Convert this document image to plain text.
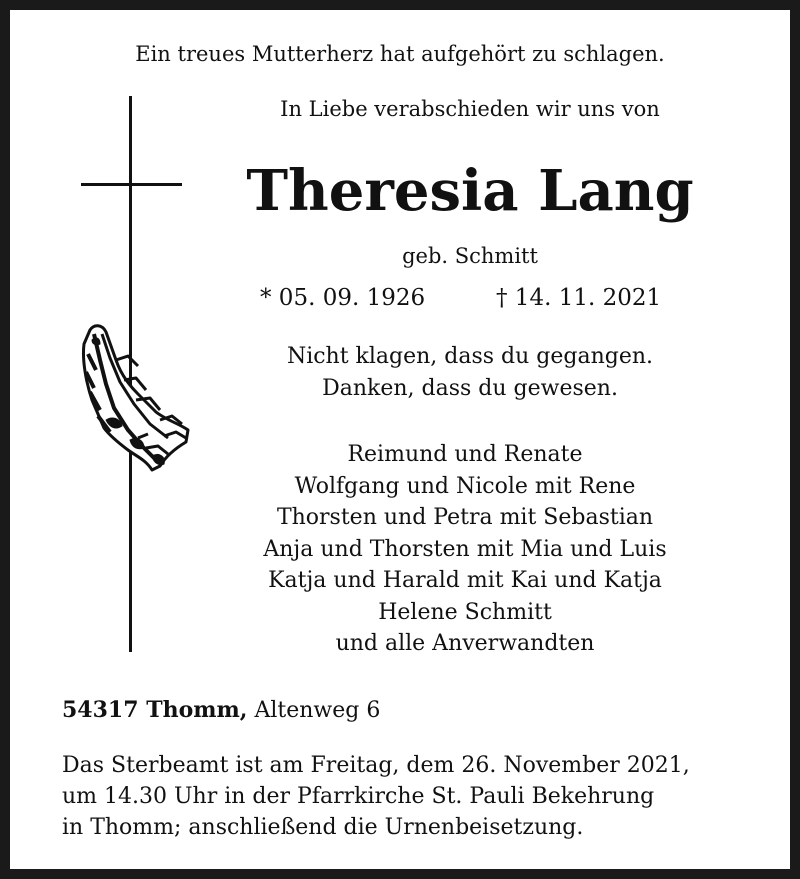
Ein treues Mutterherz hat aufgehört zu schlagen.
In Liebe verabschieden wir uns von
Theresia Lang
geb. Schmitt
* 05. 09. 1926	† 14. 11. 2021
Nicht klagen, dass du gegangen.
Danken, dass du gewesen.
Reimund und Renate
Wolfgang und Nicole mit Rene
Thorsten und Petra mit Sebastian
Anja und Thorsten mit Mia und Luis
Katja und Harald mit Kai und Katja
Helene Schmitt
und alle Anverwandten
54317 Thomm, Altenweg 6
Das Sterbeamt ist am Freitag, dem 26. November 2021,
um 14.30 Uhr in der Pfarrkirche St. Pauli Bekehrung
in Thomm; anschließend die Urnenbeisetzung.
